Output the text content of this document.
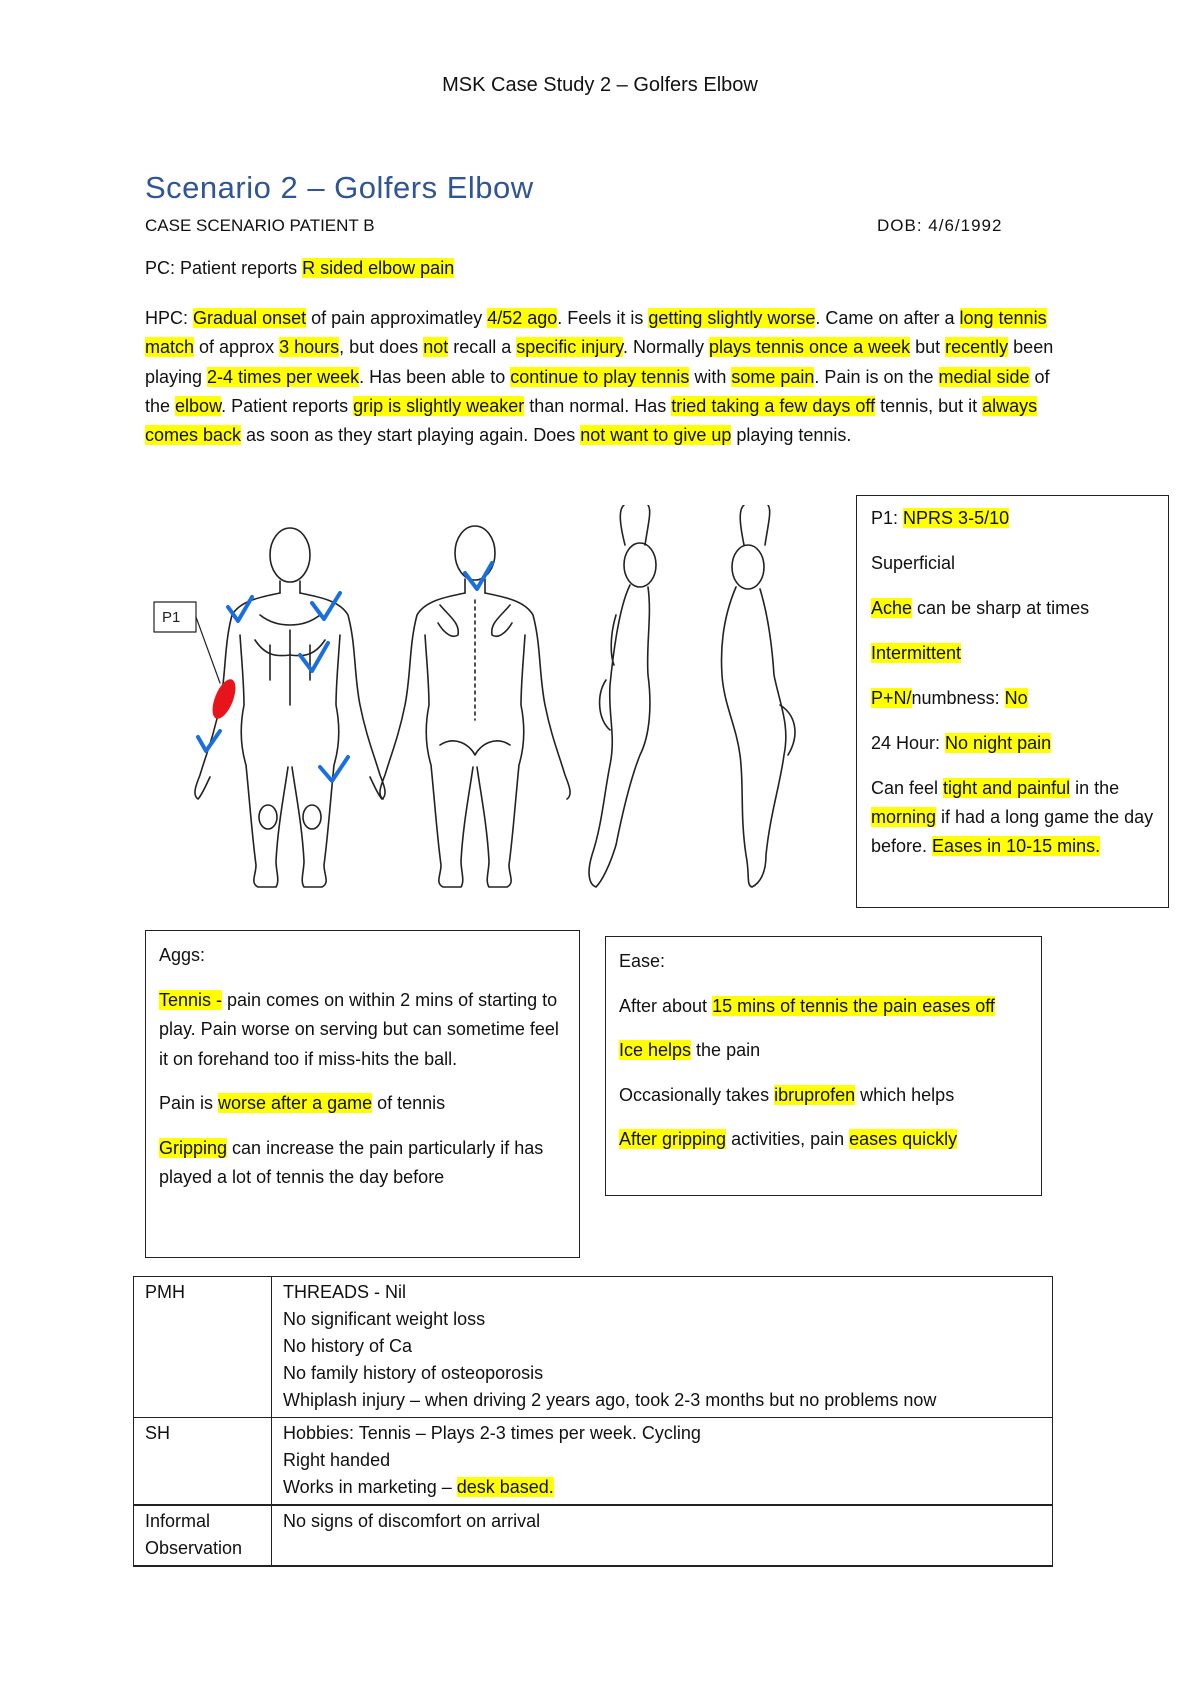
MSK Case Study 2 – Golfers Elbow
Scenario 2 – Golfers Elbow
CASE SCENARIO PATIENT B	DOB: 4/6/1992
PC: Patient reports R sided elbow pain
HPC: Gradual onset of pain approximatley 4/52 ago. Feels it is getting slightly worse. Came on after a long tennis match of approx 3 hours, but does not recall a specific injury. Normally plays tennis once a week but recently been playing 2-4 times per week. Has been able to continue to play tennis with some pain. Pain is on the medial side of the elbow. Patient reports grip is slightly weaker than normal. Has tried taking a few days off tennis, but it always comes back as soon as they start playing again. Does not want to give up playing tennis.
P1

P1: NPRS 3-5/10

Superficial

Ache can be sharp at times

Intermittent

P+N/numbness: No

24 Hour: No night pain

Can feel tight and painful in the morning if had a long game the day before. Eases in 10-15 mins.

Aggs:

Tennis - pain comes on within 2 mins of starting to play. Pain worse on serving but can sometime feel it on forehand too if miss-hits the ball.

Pain is worse after a game of tennis

Gripping can increase the pain particularly if has played a lot of tennis the day before

Ease:

After about 15 mins of tennis the pain eases off

Ice helps the pain

Occasionally takes ibruprofen which helps

After gripping activities, pain eases quickly

PMH	THREADS - Nil
No significant weight loss
No history of Ca
No family history of osteoporosis
Whiplash injury – when driving 2 years ago, took 2-3 months but no problems now

SH	Hobbies: Tennis – Plays 2-3 times per week. Cycling
Right handed
Works in marketing – desk based.

Informal Observation	No signs of discomfort on arrival
